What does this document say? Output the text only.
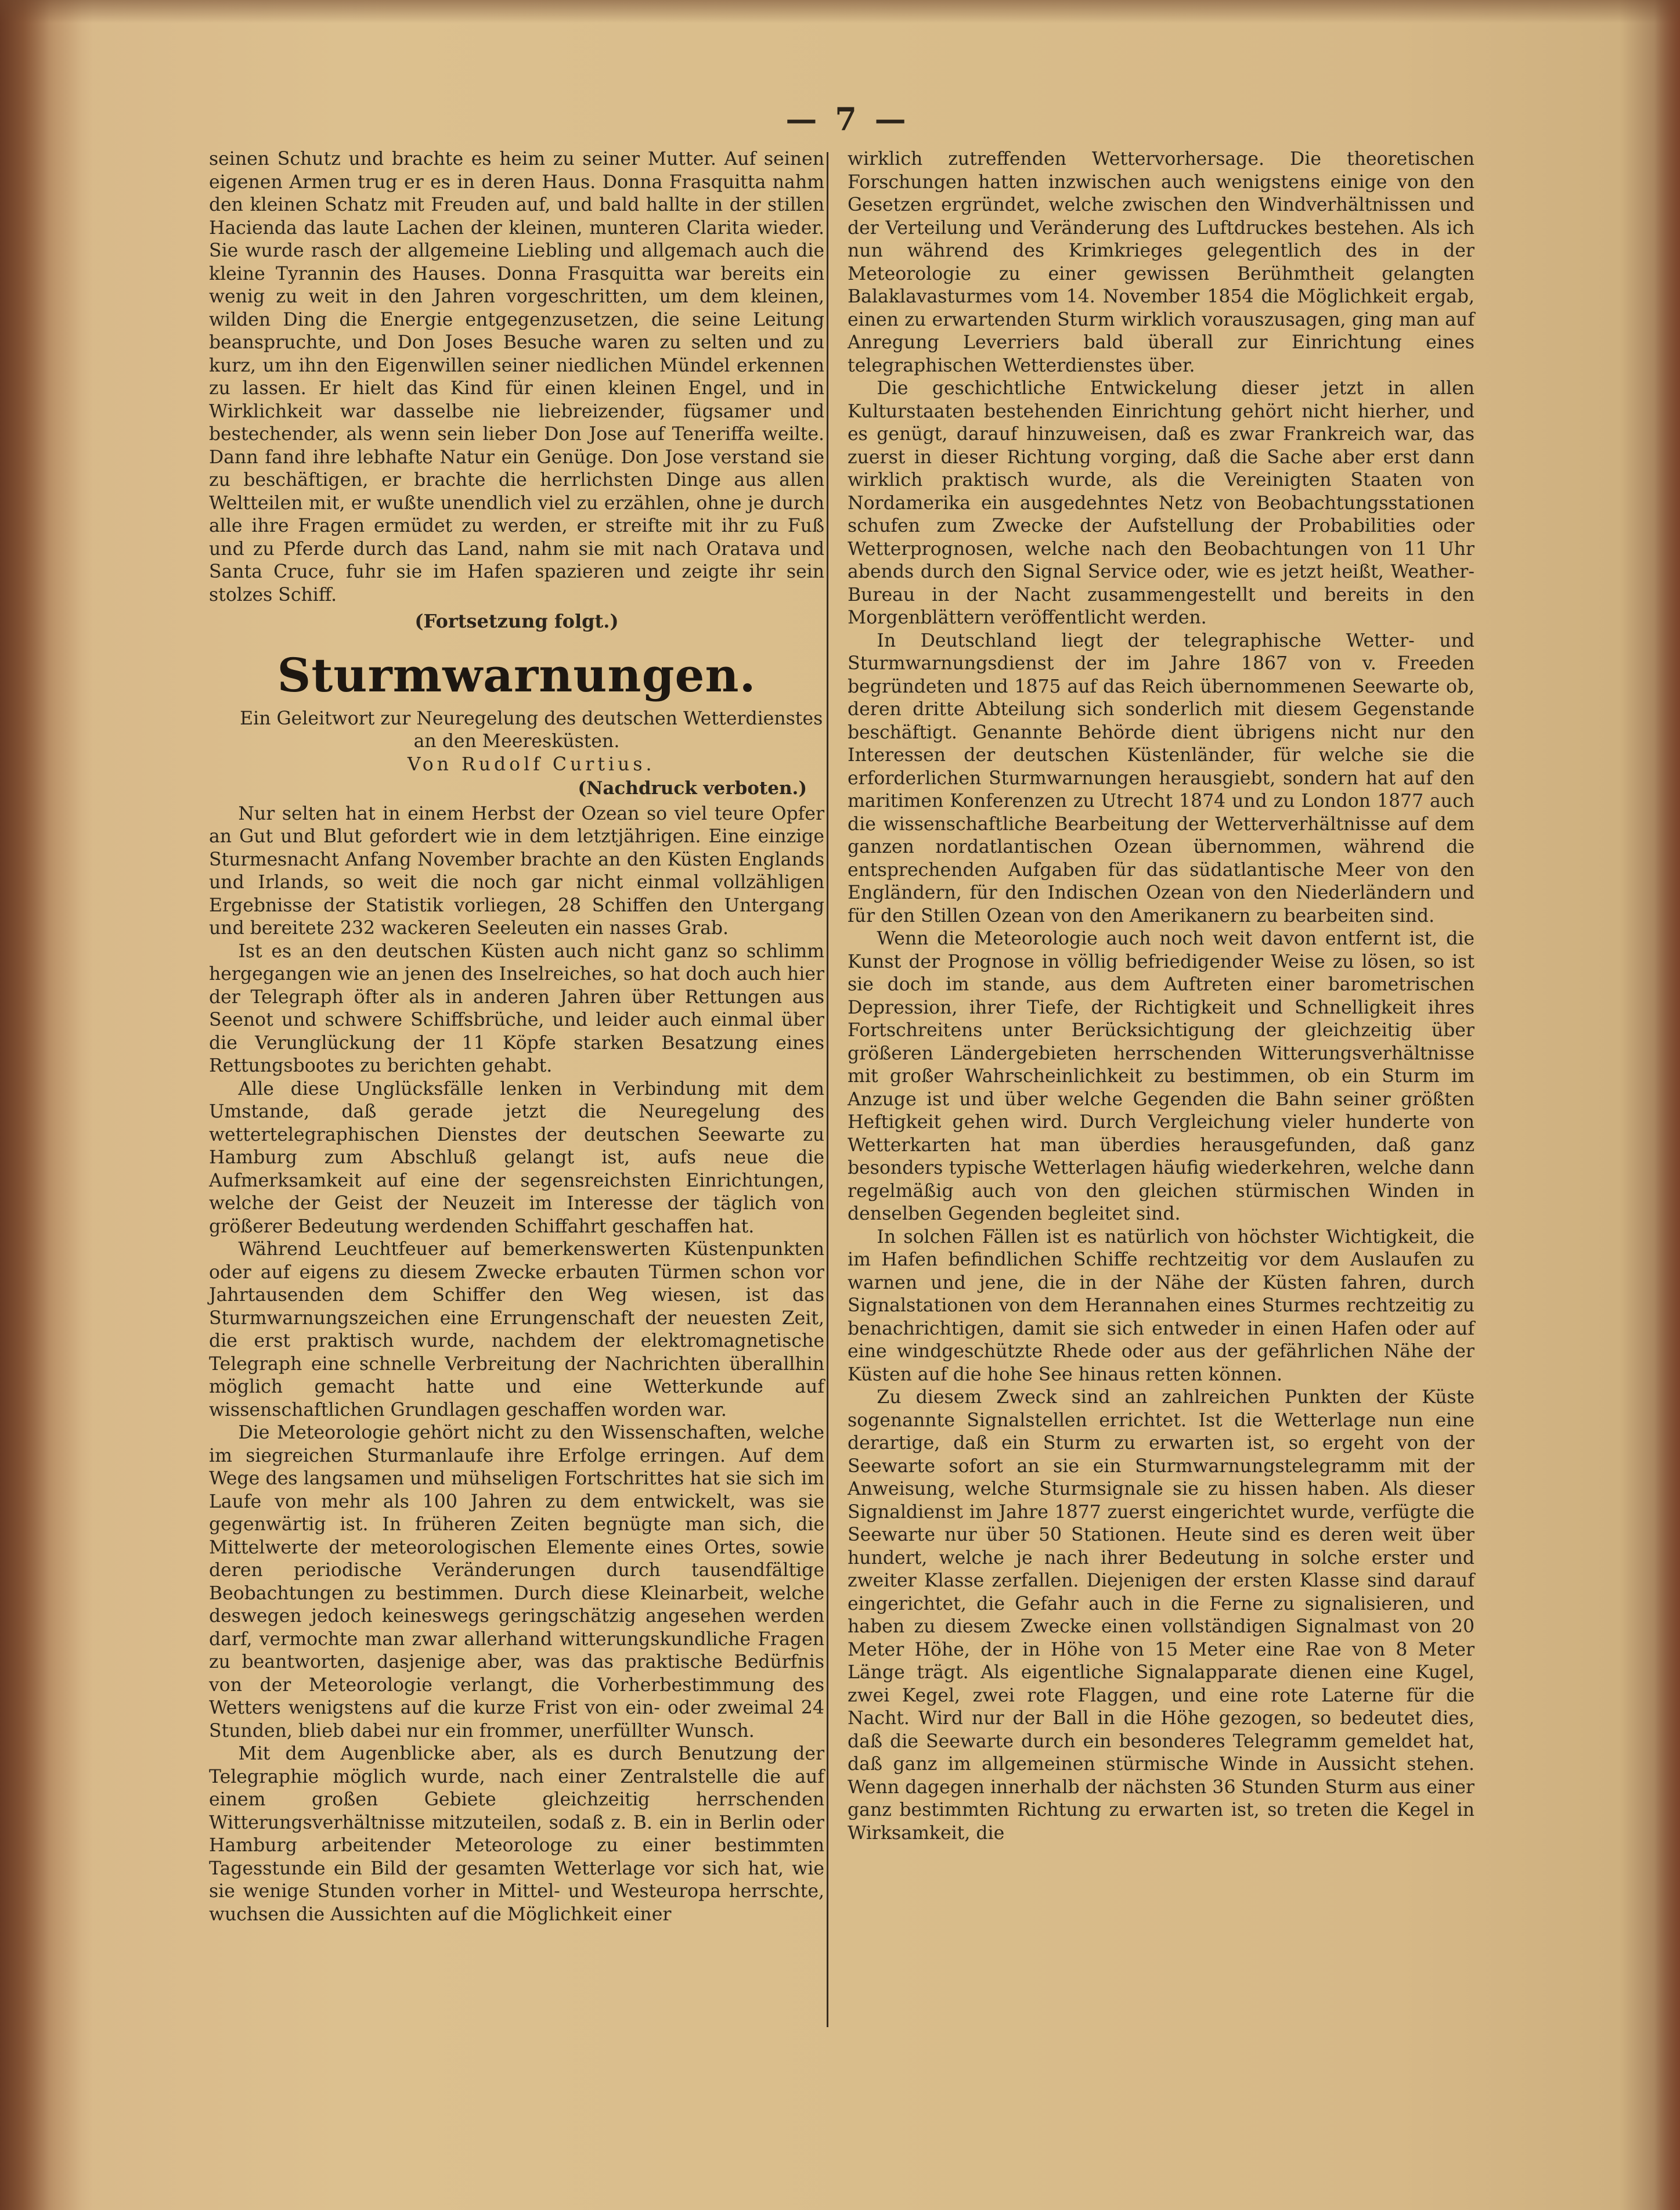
— 7 —

seinen Schutz und brachte es heim zu seiner Mutter. Auf seinen eigenen Armen trug er es in deren Haus. Donna Frasquitta nahm den kleinen Schatz mit Freuden auf, und bald hallte in der stillen Hacienda das laute Lachen der kleinen, munteren Clarita wieder. Sie wurde rasch der allgemeine Liebling und allgemach auch die kleine Tyrannin des Hauses. Donna Frasquitta war bereits ein wenig zu weit in den Jahren vorgeschritten, um dem kleinen, wilden Ding die Energie entgegenzusetzen, die seine Leitung beanspruchte, und Don Joses Besuche waren zu selten und zu kurz, um ihn den Eigenwillen seiner niedlichen Mündel erkennen zu lassen. Er hielt das Kind für einen kleinen Engel, und in Wirklichkeit war dasselbe nie liebreizender, fügsamer und bestechender, als wenn sein lieber Don Jose auf Teneriffa weilte. Dann fand ihre lebhafte Natur ein Genüge. Don Jose verstand sie zu beschäftigen, er brachte die herrlichsten Dinge aus allen Weltteilen mit, er wußte unendlich viel zu erzählen, ohne je durch alle ihre Fragen ermüdet zu werden, er streifte mit ihr zu Fuß und zu Pferde durch das Land, nahm sie mit nach Oratava und Santa Cruce, fuhr sie im Hafen spazieren und zeigte ihr sein stolzes Schiff.

(Fortsetzung folgt.)
Sturmwarnungen.

Ein Geleitwort zur Neuregelung des deutschen Wetterdienstes an den Meeresküsten.

Von Rudolf Curtius.

(Nachdruck verboten.)

Nur selten hat in einem Herbst der Ozean so viel teure Opfer an Gut und Blut gefordert wie in dem letztjährigen. Eine einzige Sturmesnacht Anfang November brachte an den Küsten Englands und Irlands, so weit die noch gar nicht einmal vollzähligen Ergebnisse der Statistik vorliegen, 28 Schiffen den Untergang und bereitete 232 wackeren Seeleuten ein nasses Grab.

Ist es an den deutschen Küsten auch nicht ganz so schlimm hergegangen wie an jenen des Inselreiches, so hat doch auch hier der Telegraph öfter als in anderen Jahren über Rettungen aus Seenot und schwere Schiffsbrüche, und leider auch einmal über die Verunglückung der 11 Köpfe starken Besatzung eines Rettungsbootes zu berichten gehabt.

Alle diese Unglücksfälle lenken in Verbindung mit dem Umstande, daß gerade jetzt die Neuregelung des wettertelegraphischen Dienstes der deutschen Seewarte zu Hamburg zum Abschluß gelangt ist, aufs neue die Aufmerksamkeit auf eine der segensreichsten Einrichtungen, welche der Geist der Neuzeit im Interesse der täglich von größerer Bedeutung werdenden Schiffahrt geschaffen hat.

Während Leuchtfeuer auf bemerkenswerten Küstenpunkten oder auf eigens zu diesem Zwecke erbauten Türmen schon vor Jahrtausenden dem Schiffer den Weg wiesen, ist das Sturmwarnungszeichen eine Errungenschaft der neuesten Zeit, die erst praktisch wurde, nachdem der elektromagnetische Telegraph eine schnelle Verbreitung der Nachrichten überallhin möglich gemacht hatte und eine Wetterkunde auf wissenschaftlichen Grundlagen geschaffen worden war.

Die Meteorologie gehört nicht zu den Wissenschaften, welche im siegreichen Sturmanlaufe ihre Erfolge erringen. Auf dem Wege des langsamen und mühseligen Fortschrittes hat sie sich im Laufe von mehr als 100 Jahren zu dem entwickelt, was sie gegenwärtig ist. In früheren Zeiten begnügte man sich, die Mittelwerte der meteorologischen Elemente eines Ortes, sowie deren periodische Veränderungen durch tausendfältige Beobachtungen zu bestimmen. Durch diese Kleinarbeit, welche deswegen jedoch keineswegs geringschätzig angesehen werden darf, vermochte man zwar allerhand witterungskundliche Fragen zu beantworten, dasjenige aber, was das praktische Bedürfnis von der Meteorologie verlangt, die Vorherbestimmung des Wetters wenigstens auf die kurze Frist von ein- oder zweimal 24 Stunden, blieb dabei nur ein frommer, unerfüllter Wunsch.

Mit dem Augenblicke aber, als es durch Benutzung der Telegraphie möglich wurde, nach einer Zentralstelle die auf einem großen Gebiete gleichzeitig herrschenden Witterungsverhältnisse mitzuteilen, sodaß z. B. ein in Berlin oder Hamburg arbeitender Meteorologe zu einer bestimmten Tagesstunde ein Bild der gesamten Wetterlage vor sich hat, wie sie wenige Stunden vorher in Mittel- und Westeuropa herrschte, wuchsen die Aussichten auf die Möglichkeit einer

wirklich zutreffenden Wettervorhersage. Die theoretischen Forschungen hatten inzwischen auch wenigstens einige von den Gesetzen ergründet, welche zwischen den Windverhältnissen und der Verteilung und Veränderung des Luftdruckes bestehen. Als ich nun während des Krimkrieges gelegentlich des in der Meteorologie zu einer gewissen Berühmtheit gelangten Balaklavasturmes vom 14. November 1854 die Möglichkeit ergab, einen zu erwartenden Sturm wirklich vorauszusagen, ging man auf Anregung Leverriers bald überall zur Einrichtung eines telegraphischen Wetterdienstes über.

Die geschichtliche Entwickelung dieser jetzt in allen Kulturstaaten bestehenden Einrichtung gehört nicht hierher, und es genügt, darauf hinzuweisen, daß es zwar Frankreich war, das zuerst in dieser Richtung vorging, daß die Sache aber erst dann wirklich praktisch wurde, als die Vereinigten Staaten von Nordamerika ein ausgedehntes Netz von Beobachtungsstationen schufen zum Zwecke der Aufstellung der Probabilities oder Wetterprognosen, welche nach den Beobachtungen von 11 Uhr abends durch den Signal Service oder, wie es jetzt heißt, Weather-Bureau in der Nacht zusammengestellt und bereits in den Morgenblättern veröffentlicht werden.

In Deutschland liegt der telegraphische Wetter- und Sturmwarnungsdienst der im Jahre 1867 von v. Freeden begründeten und 1875 auf das Reich übernommenen Seewarte ob, deren dritte Abteilung sich sonderlich mit diesem Gegenstande beschäftigt. Genannte Behörde dient übrigens nicht nur den Interessen der deutschen Küstenländer, für welche sie die erforderlichen Sturmwarnungen herausgiebt, sondern hat auf den maritimen Konferenzen zu Utrecht 1874 und zu London 1877 auch die wissenschaftliche Bearbeitung der Wetterverhältnisse auf dem ganzen nordatlantischen Ozean übernommen, während die entsprechenden Aufgaben für das südatlantische Meer von den Engländern, für den Indischen Ozean von den Niederländern und für den Stillen Ozean von den Amerikanern zu bearbeiten sind.

Wenn die Meteorologie auch noch weit davon entfernt ist, die Kunst der Prognose in völlig befriedigender Weise zu lösen, so ist sie doch im stande, aus dem Auftreten einer barometrischen Depression, ihrer Tiefe, der Richtigkeit und Schnelligkeit ihres Fortschreitens unter Berücksichtigung der gleichzeitig über größeren Ländergebieten herrschenden Witterungsverhältnisse mit großer Wahrscheinlichkeit zu bestimmen, ob ein Sturm im Anzuge ist und über welche Gegenden die Bahn seiner größten Heftigkeit gehen wird. Durch Vergleichung vieler hunderte von Wetterkarten hat man überdies herausgefunden, daß ganz besonders typische Wetterlagen häufig wiederkehren, welche dann regelmäßig auch von den gleichen stürmischen Winden in denselben Gegenden begleitet sind.

In solchen Fällen ist es natürlich von höchster Wichtigkeit, die im Hafen befindlichen Schiffe rechtzeitig vor dem Auslaufen zu warnen und jene, die in der Nähe der Küsten fahren, durch Signalstationen von dem Herannahen eines Sturmes rechtzeitig zu benachrichtigen, damit sie sich entweder in einen Hafen oder auf eine windgeschützte Rhede oder aus der gefährlichen Nähe der Küsten auf die hohe See hinaus retten können.

Zu diesem Zweck sind an zahlreichen Punkten der Küste sogenannte Signalstellen errichtet. Ist die Wetterlage nun eine derartige, daß ein Sturm zu erwarten ist, so ergeht von der Seewarte sofort an sie ein Sturmwarnungstelegramm mit der Anweisung, welche Sturmsignale sie zu hissen haben. Als dieser Signaldienst im Jahre 1877 zuerst eingerichtet wurde, verfügte die Seewarte nur über 50 Stationen. Heute sind es deren weit über hundert, welche je nach ihrer Bedeutung in solche erster und zweiter Klasse zerfallen. Diejenigen der ersten Klasse sind darauf eingerichtet, die Gefahr auch in die Ferne zu signalisieren, und haben zu diesem Zwecke einen vollständigen Signalmast von 20 Meter Höhe, der in Höhe von 15 Meter eine Rae von 8 Meter Länge trägt. Als eigentliche Signalapparate dienen eine Kugel, zwei Kegel, zwei rote Flaggen, und eine rote Laterne für die Nacht. Wird nur der Ball in die Höhe gezogen, so bedeutet dies, daß die Seewarte durch ein besonderes Telegramm gemeldet hat, daß ganz im allgemeinen stürmische Winde in Aussicht stehen. Wenn dagegen innerhalb der nächsten 36 Stunden Sturm aus einer ganz bestimmten Richtung zu erwarten ist, so treten die Kegel in Wirksamkeit, die
